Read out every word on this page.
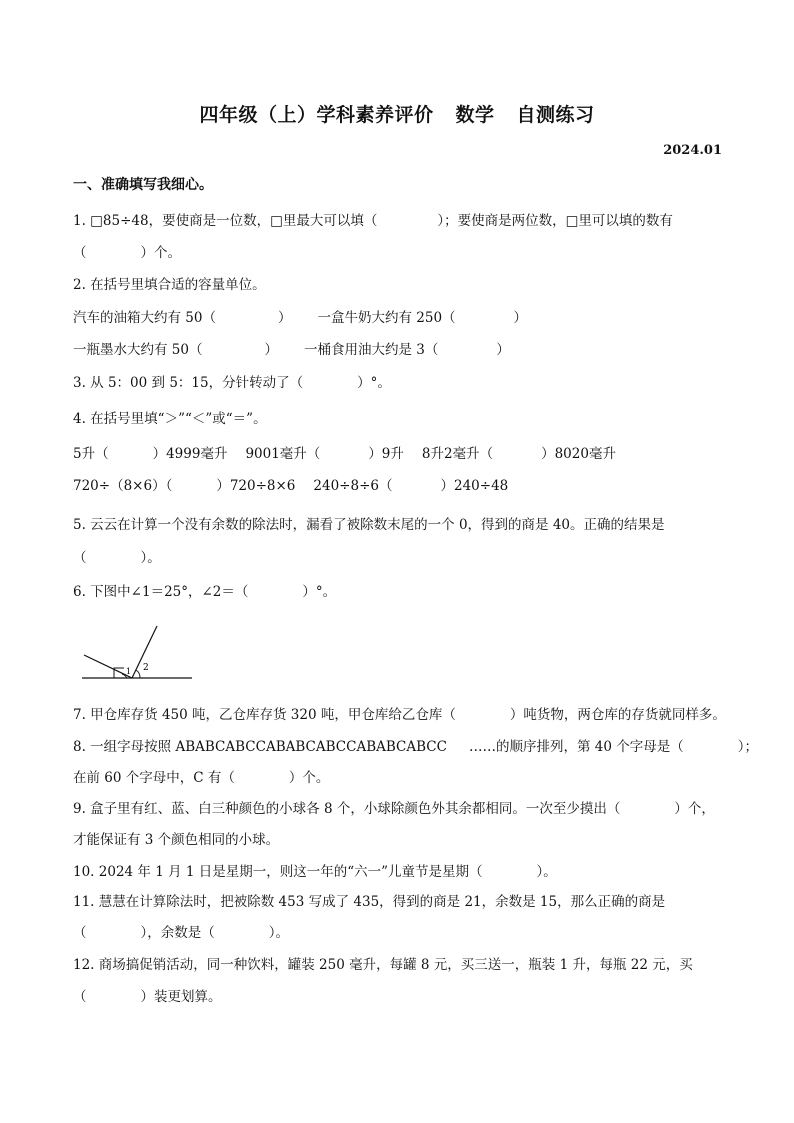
四年级（上）学科素养评价 数学 自测练习
2024.01
一、准确填写我细心。
1. □85÷48，要使商是一位数，□里最大可以填（	）；要使商是两位数，□里可以填的数有
（　　　　）个。
2. 在括号里填合适的容量单位。
汽车的油箱大约有 50（	） 一盒牛奶大约有 250（	）
一瓶墨水大约有 50（	） 一桶食用油大约是 3（	）
3. 从 5：00 到 5：15，分针转动了（　　　　）°。
4. 在括号里填“＞”“＜”或“＝”。
5升（	）4999毫升 9001毫升（	）9升 8升2毫升（	）8020毫升
720÷（8×6）（	）720÷8×6 240÷8÷6（	）240÷48
5. 云云在计算一个没有余数的除法时，漏看了被除数末尾的一个 0，得到的商是 40。正确的结果是
（　　　　）。
6. 下图中∠1＝25°，∠2＝（　　　　）°。
1 2
7. 甲仓库存货 450 吨，乙仓库存货 320 吨，甲仓库给乙仓库（　　　　）吨货物，两仓库的存货就同样多。
8. 一组字母按照 ABABCABCCABABCABCCABABCABCC ……的顺序排列，第 40 个字母是（　　　　）；
在前 60 个字母中，C 有（　　　　）个。
9. 盒子里有红、蓝、白三种颜色的小球各 8 个，小球除颜色外其余都相同。一次至少摸出（　　　　）个，
才能保证有 3 个颜色相同的小球。
10. 2024 年 1 月 1 日是星期一，则这一年的“六一”儿童节是星期（　　　　）。
11. 慧慧在计算除法时，把被除数 453 写成了 435，得到的商是 21，余数是 15，那么正确的商是
（　　　　），余数是（　　　　）。
12. 商场搞促销活动，同一种饮料，罐装 250 毫升，每罐 8 元，买三送一，瓶装 1 升，每瓶 22 元，买
（　　　　）装更划算。
